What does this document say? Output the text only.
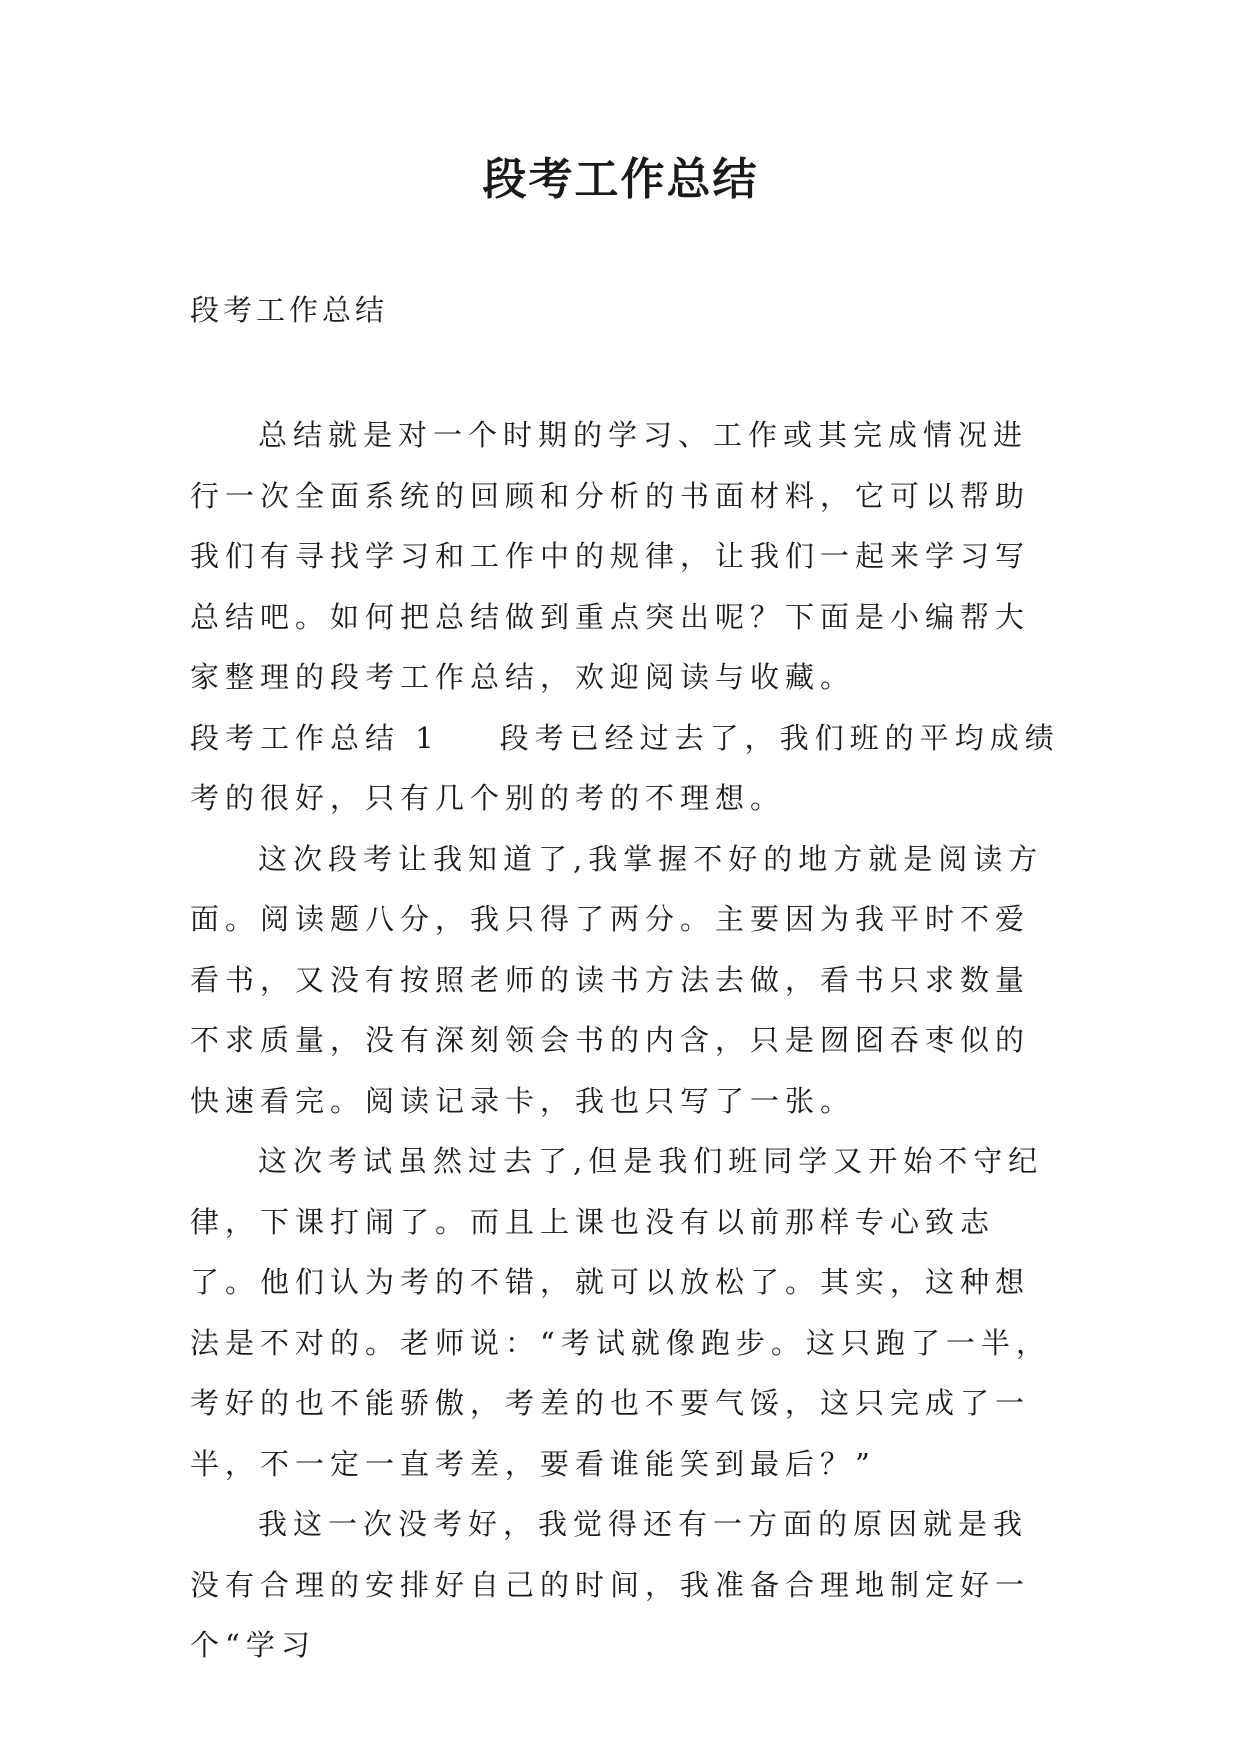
段考工作总结

段考工作总结

总结就是对一个时期的学习、工作或其完成情况进行一次全面系统的回顾和分析的书面材料，它可以帮助我们有寻找学习和工作中的规律，让我们一起来学习写总结吧。如何把总结做到重点突出呢？下面是小编帮大家整理的段考工作总结，欢迎阅读与收藏。

段考工作总结 1 段考已经过去了，我们班的平均成绩考的很好，只有几个别的考的不理想。

这次段考让我知道了,我掌握不好的地方就是阅读方面。阅读题八分，我只得了两分。主要因为我平时不爱看书，又没有按照老师的读书方法去做，看书只求数量不求质量，没有深刻领会书的内含，只是囫囵吞枣似的快速看完。阅读记录卡，我也只写了一张。

这次考试虽然过去了,但是我们班同学又开始不守纪律，下课打闹了。而且上课也没有以前那样专心致志了。他们认为考的不错，就可以放松了。其实，这种想法是不对的。老师说：“考试就像跑步。这只跑了一半，考好的也不能骄傲，考差的也不要气馁，这只完成了一半，不一定一直考差，要看谁能笑到最后？”

我这一次没考好，我觉得还有一方面的原因就是我没有合理的安排好自己的时间，我准备合理地制定好一个“学习
